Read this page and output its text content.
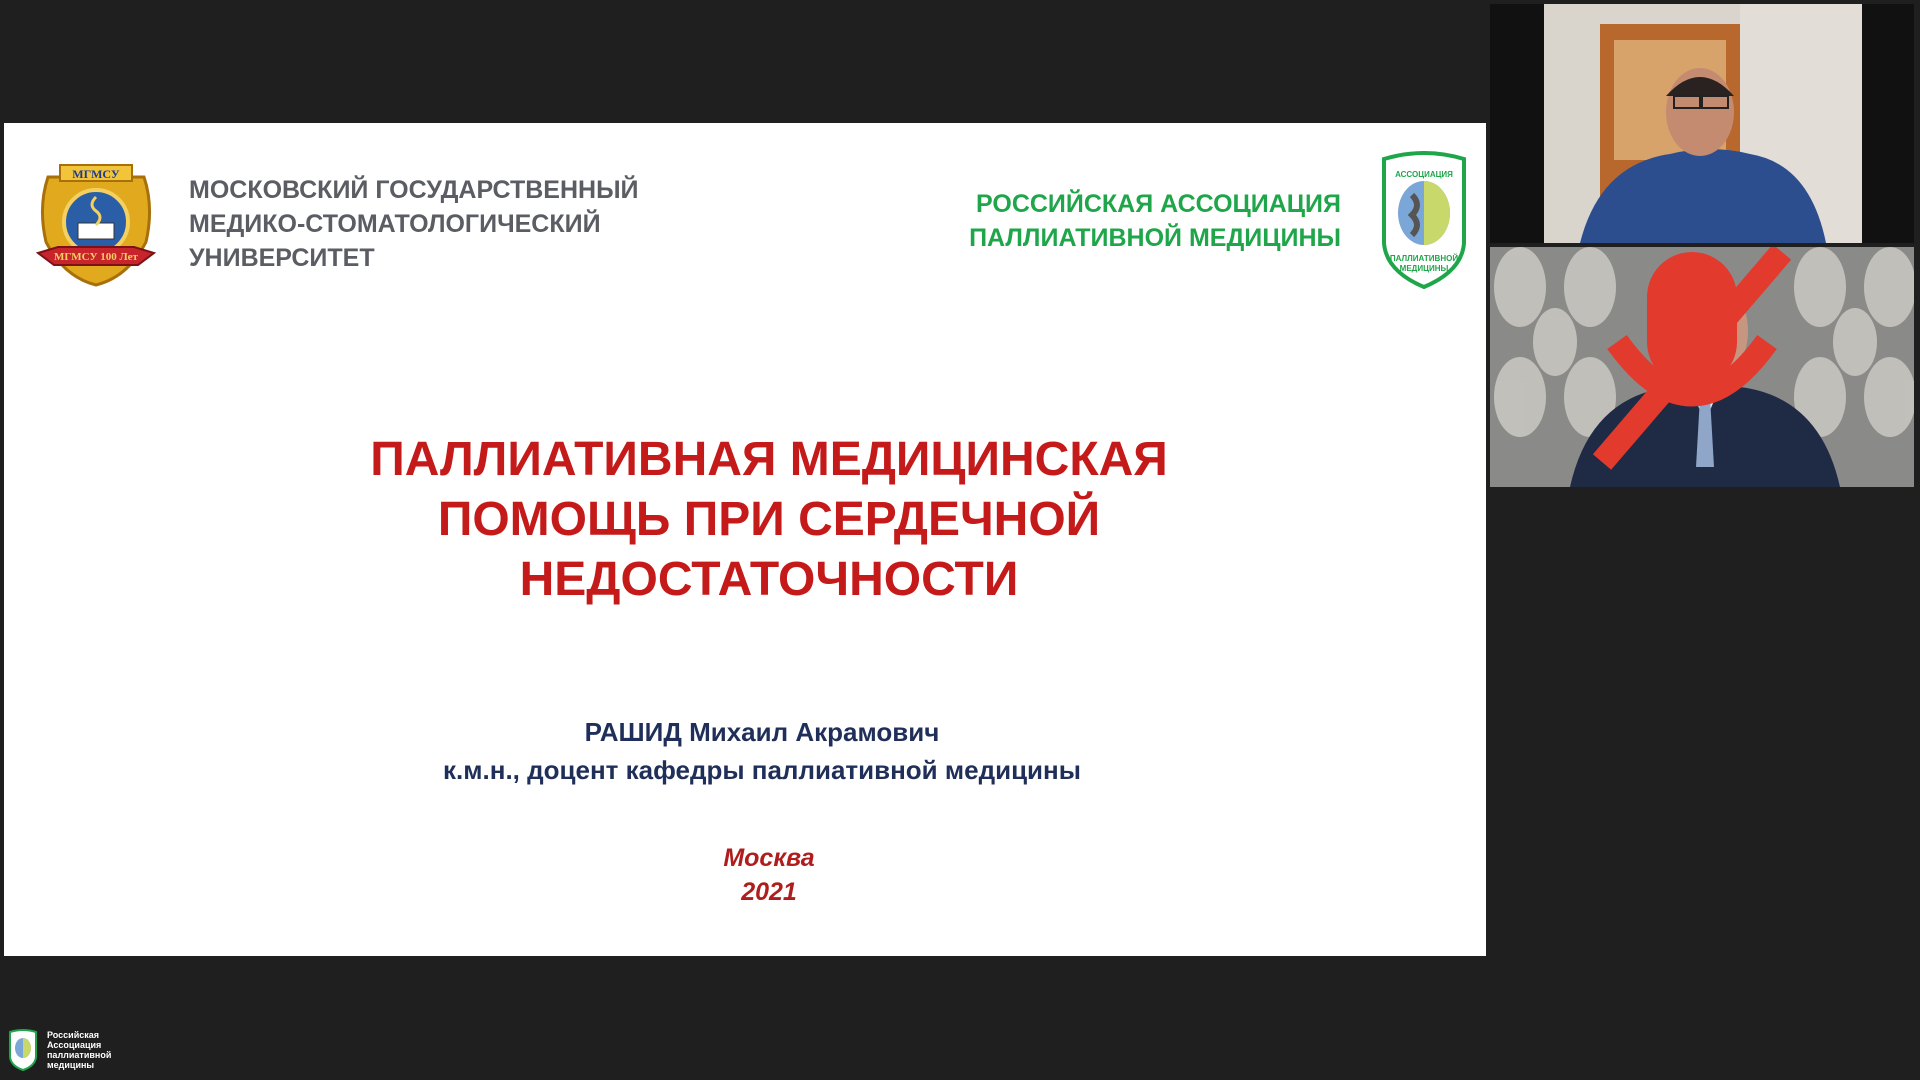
МГМСУ
МГМСУ 100 Лет
МОСКОВСКИЙ ГОСУДАРСТВЕННЫЙ
МЕДИКО-СТОМАТОЛОГИЧЕСКИЙ
УНИВЕРСИТЕТ
РОССИЙСКАЯ АССОЦИАЦИЯ
ПАЛЛИАТИВНОЙ МЕДИЦИНЫ
АССОЦИАЦИЯ
ПАЛЛИАТИВНОЙ
МЕДИЦИНЫ
ПАЛЛИАТИВНАЯ МЕДИЦИНСКАЯ
ПОМОЩЬ ПРИ СЕРДЕЧНОЙ
НЕДОСТАТОЧНОСТИ
РАШИД Михаил Акрамович
к.м.н., доцент кафедры паллиативной медицины
Москва
2021
Российская
Ассоциация
паллиативной
медицины
